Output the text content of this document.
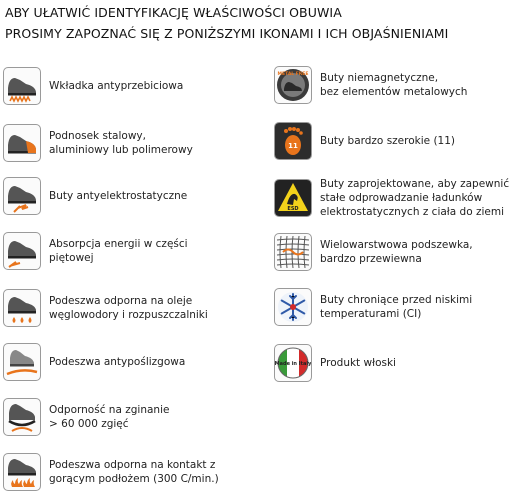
ABY UŁATWIĆ IDENTYFIKACJĘ WŁAŚCIWOŚCI OBUWIA
PROSIMY ZAPOZNAĆ SIĘ Z PONIŻSZYMI IKONAMI I ICH OBJAŚNIENIAMI
Wkładka antyprzebiciowa
Podnosek stalowy,
aluminiowy lub polimerowy
Buty antyelektrostatyczne
Absorpcja energii w części
piętowej
Podeszwa odporna na oleje
węglowodory i rozpuszczalniki
Podeszwa antypoślizgowa
Odporność na zginanie
> 60 000 zgięć
Podeszwa odporna na kontakt z
gorącym podłożem (300 C/min.)
METAL FREE Buty niemagnetyczne,
bez elementów metalowych
11 Buty bardzo szerokie (11)
ESD
Buty zaprojektowane, aby zapewnić
stałe odprowadzanie ładunków
elektrostatycznych z ciała do ziemi
Wielowarstwowa podszewka,
bardzo przewiewna
Buty chroniące przed niskimi
temperaturami (CI)
Made in Italy Produkt włoski
